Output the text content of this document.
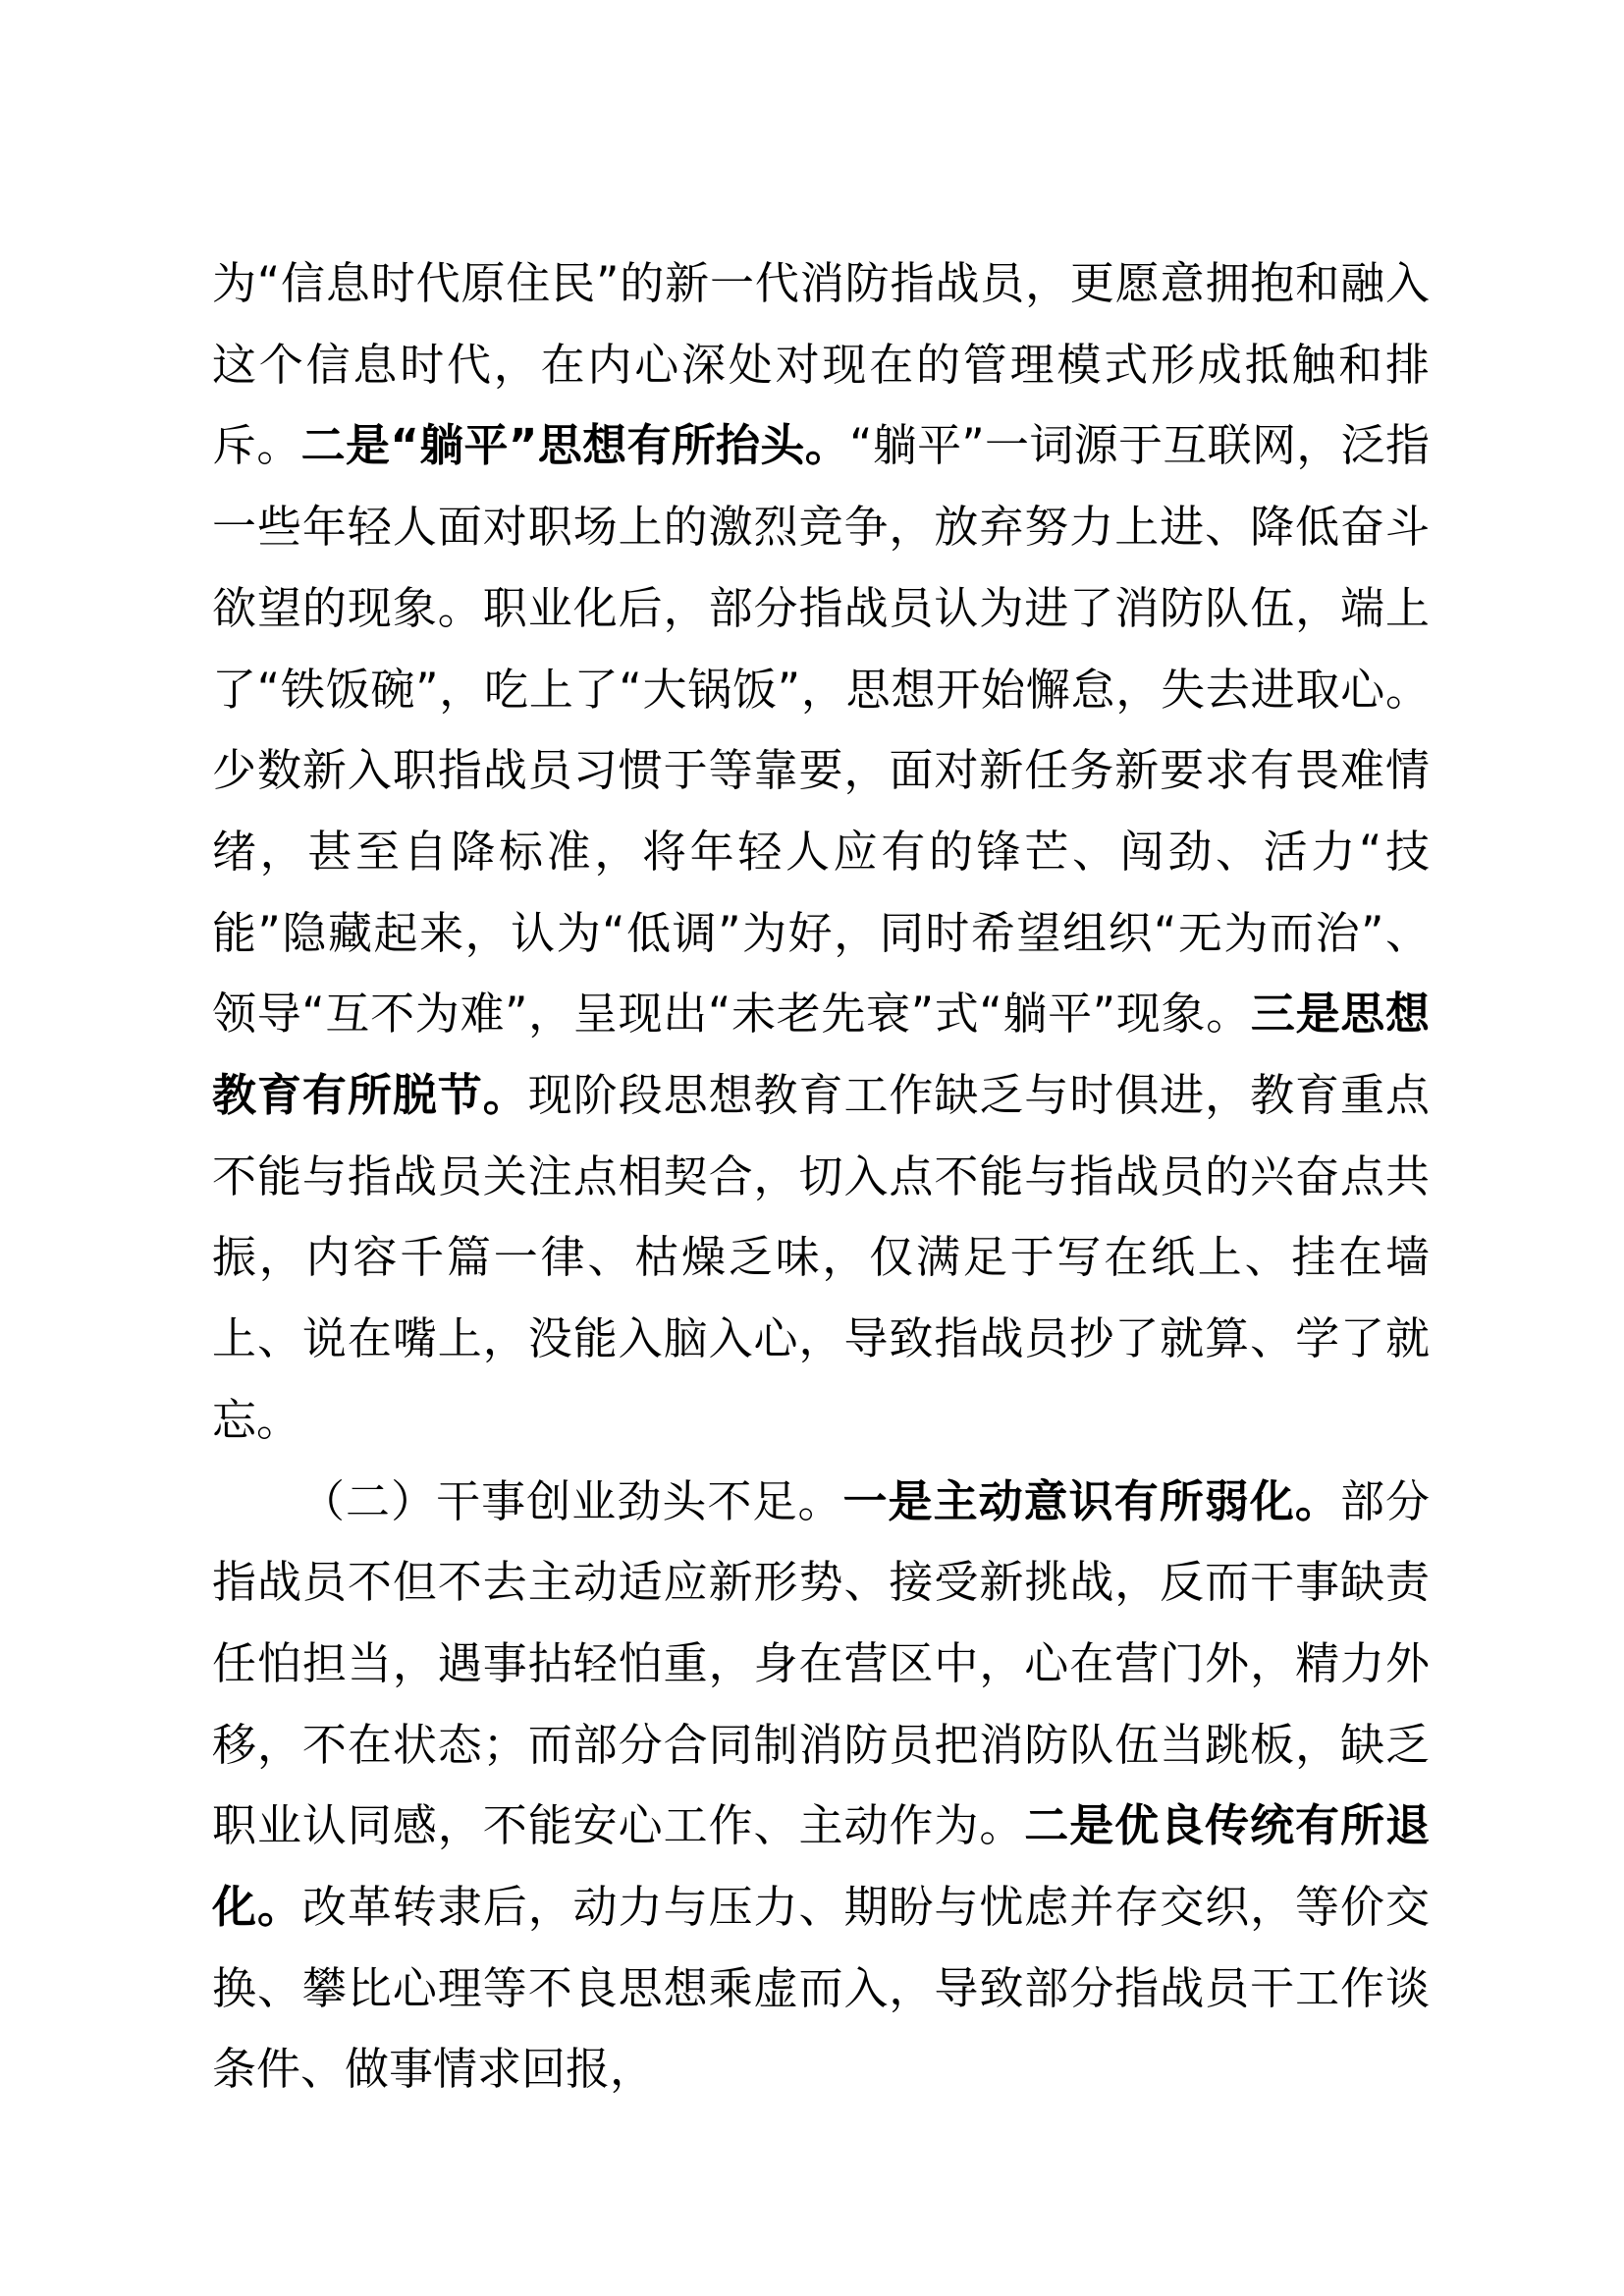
为“信息时代原住民”的新一代消防指战员，更愿意拥抱和融入这个信息时代，在内心深处对现在的管理模式形成抵触和排斥。二是“躺平”思想有所抬头。“躺平”一词源于互联网，泛指一些年轻人面对职场上的激烈竞争，放弃努力上进、降低奋斗欲望的现象。职业化后，部分指战员认为进了消防队伍，端上了“铁饭碗”，吃上了“大锅饭”，思想开始懈怠，失去进取心。少数新入职指战员习惯于等靠要，面对新任务新要求有畏难情绪，甚至自降标准，将年轻人应有的锋芒、闯劲、活力“技能”隐藏起来，认为“低调”为好，同时希望组织“无为而治”、领导“互不为难”，呈现出“未老先衰”式“躺平”现象。三是思想教育有所脱节。现阶段思想教育工作缺乏与时俱进，教育重点不能与指战员关注点相契合，切入点不能与指战员的兴奋点共振，内容千篇一律、枯燥乏味，仅满足于写在纸上、挂在墙上、说在嘴上，没能入脑入心，导致指战员抄了就算、学了就忘。

（二）干事创业劲头不足。一是主动意识有所弱化。部分指战员不但不去主动适应新形势、接受新挑战，反而干事缺责任怕担当，遇事拈轻怕重，身在营区中，心在营门外，精力外移，不在状态；而部分合同制消防员把消防队伍当跳板，缺乏职业认同感，不能安心工作、主动作为。二是优良传统有所退化。改革转隶后，动力与压力、期盼与忧虑并存交织，等价交换、攀比心理等不良思想乘虚而入，导致部分指战员干工作谈条件、做事情求回报，
